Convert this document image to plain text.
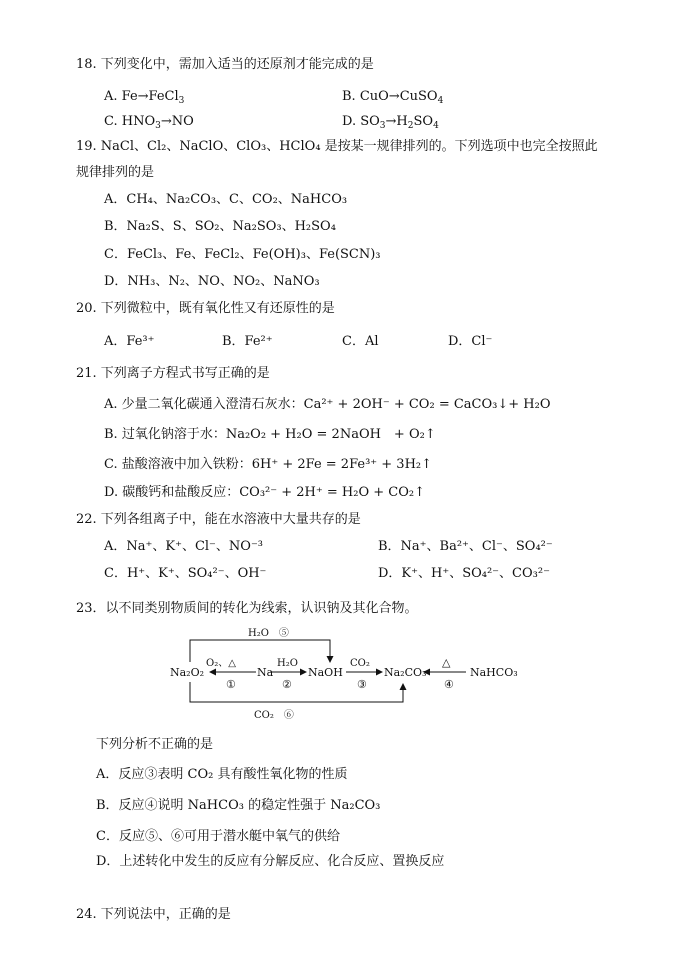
18. 下列变化中，需加入适当的还原剂才能完成的是
A. Fe→FeCl$_3$	B. CuO→CuSO$_4$
C. $HNO_3\to NO$	D. $SO_3\to H_2SO_4$
19. NaCl、Cl₂、NaClO、ClO₃、HClO₄ 是按某一规律排列的。下列选项中也完全按照此
规律排列的是
A．CH₄、Na₂CO₃、C、CO₂、NaHCO₃
B．Na₂S、S、SO₂、Na₂SO₃、H₂SO₄
C．FeCl₃、Fe、FeCl₂、Fe(OH)₃、Fe(SCN)₃
D．NH₃、N₂、NO、NO₂、NaNO₃
20. 下列微粒中，既有氧化性又有还原性的是
A．Fe³⁺	B．Fe²⁺	C．Al	D．Cl⁻
21. 下列离子方程式书写正确的是
A. 少量二氧化碳通入澄清石灰水：Ca²⁺ + 2OH⁻ + CO₂ = CaCO₃↓+ H₂O
B. 过氧化钠溶于水：Na₂O₂ + H₂O = 2NaOH　+ O₂↑
C. 盐酸溶液中加入铁粉：6H⁺ + 2Fe = 2Fe³⁺ + 3H₂↑
D. 碳酸钙和盐酸反应：CO₃²⁻ + 2H⁺ = H₂O + CO₂↑
22. 下列各组离子中，能在水溶液中大量共存的是
A．Na⁺、K⁺、Cl⁻、NO⁻³	B．Na⁺、Ba²⁺、Cl⁻、SO₄²⁻
C．H⁺、K⁺、SO₄²⁻、OH⁻	D．K⁺、H⁺、SO₄²⁻、CO₃²⁻
23．以不同类别物质间的转化为线索，认识钠及其化合物。
Na₂O₂	Na	NaOH	Na₂CO₃	NaHCO₃
O₂、△
①
H₂O
②
CO₂
③
△
④
H₂O　⑤
CO₂　⑥
下列分析不正确的是
A．反应③表明 CO₂ 具有酸性氧化物的性质
B．反应④说明 NaHCO₃ 的稳定性强于 Na₂CO₃
C．反应⑤、⑥可用于潜水艇中氧气的供给
D．上述转化中发生的反应有分解反应、化合反应、置换反应
24. 下列说法中，正确的是
